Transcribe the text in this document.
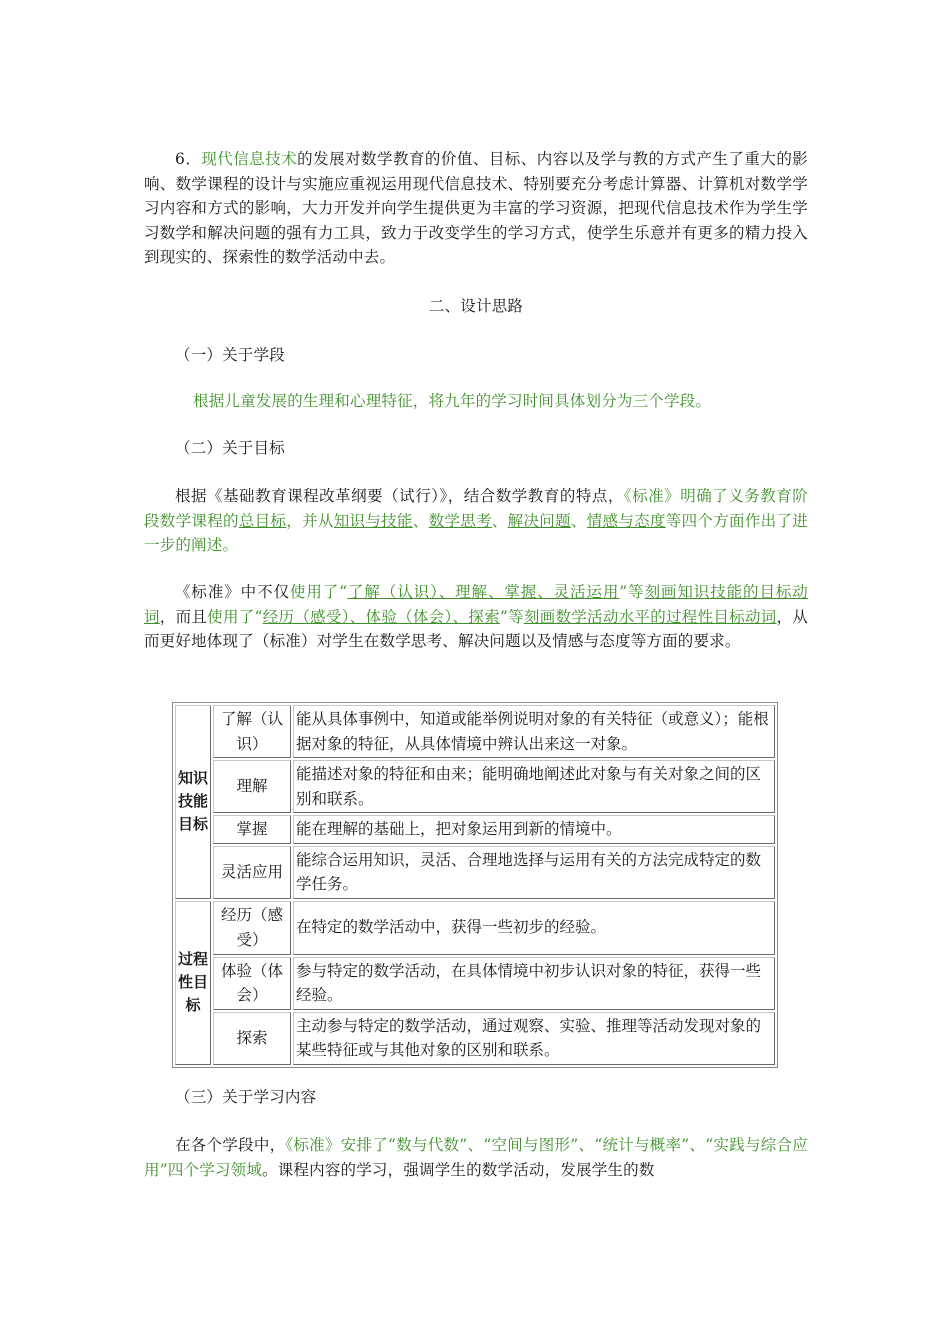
6．现代信息技术的发展对数学教育的价值、目标、内容以及学与教的方式产生了重大的影响、数学课程的设计与实施应重视运用现代信息技术、特别要充分考虑计算器、计算机对数学学习内容和方式的影响，大力开发并向学生提供更为丰富的学习资源，把现代信息技术作为学生学习数学和解决问题的强有力工具，致力于改变学生的学习方式，使学生乐意并有更多的精力投入到现实的、探索性的数学活动中去。

二、设计思路

（一）关于学段

根据儿童发展的生理和心理特征，将九年的学习时间具体划分为三个学段。

（二）关于目标

根据《基础教育课程改革纲要（试行）》，结合数学教育的特点，《标准》明确了义务教育阶段数学课程的总目标，并从知识与技能、数学思考、解决问题、情感与态度等四个方面作出了进一步的阐述。

《标准》中不仅使用了“了解（认识）、理解、掌握、灵活运用”等刻画知识技能的目标动词，而且使用了“经历（感受）、体验（体会）、探索”等刻画数学活动水平的过程性目标动词，从而更好地体现了（标准）对学生在数学思考、解决问题以及情感与态度等方面的要求。

知识技能目标	了解（认识）	能从具体事例中，知道或能举例说明对象的有关特征（或意义）；能根据对象的特征，从具体情境中辨认出来这一对象。
	理解	能描述对象的特征和由来；能明确地阐述此对象与有关对象之间的区别和联系。
	掌握	能在理解的基础上，把对象运用到新的情境中。
	灵活应用	能综合运用知识，灵活、合理地选择与运用有关的方法完成特定的数学任务。
过程性目标	经历（感受）	在特定的数学活动中，获得一些初步的经验。
	体验（体会）	参与特定的数学活动，在具体情境中初步认识对象的特征，获得一些经验。
	探索	主动参与特定的数学活动，通过观察、实验、推理等活动发现对象的某些特征或与其他对象的区别和联系。

（三）关于学习内容

在各个学段中，《标准》安排了“数与代数”、“空间与图形”、“统计与概率”、“实践与综合应用”四个学习领域。课程内容的学习，强调学生的数学活动，发展学生的数
